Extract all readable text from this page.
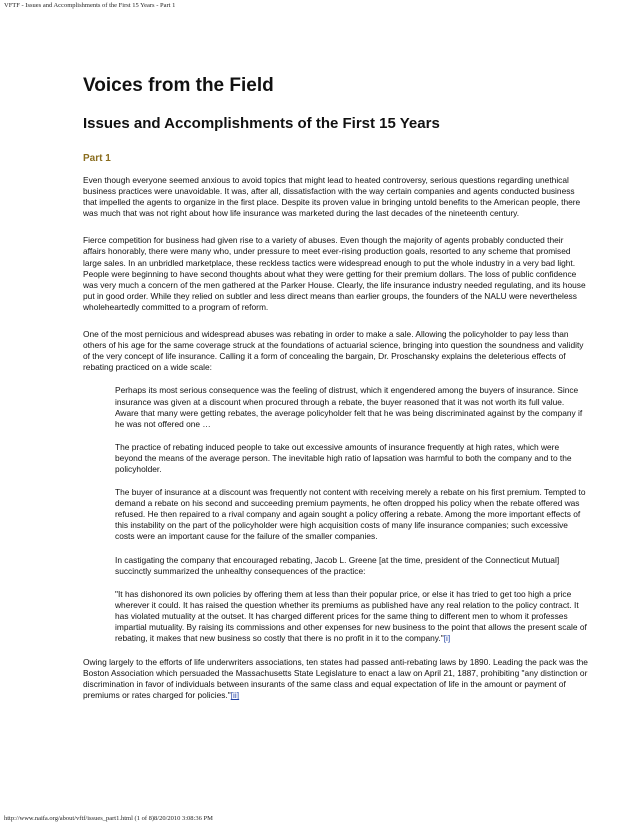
VFTF - Issues and Accomplishments of the First 15 Years - Part 1
Voices from the Field
Issues and Accomplishments of the First 15 Years
Part 1

Even though everyone seemed anxious to avoid topics that might lead to heated controversy, serious questions regarding unethical business practices were unavoidable. It was, after all, dissatisfaction with the way certain companies and agents conducted business that impelled the agents to organize in the first place. Despite its proven value in bringing untold benefits to the American people, there was much that was not right about how life insurance was marketed during the last decades of the nineteenth century.

Fierce competition for business had given rise to a variety of abuses. Even though the majority of agents probably conducted their affairs honorably, there were many who, under pressure to meet ever-rising production goals, resorted to any scheme that promised large sales. In an unbridled marketplace, these reckless tactics were widespread enough to put the whole industry in a very bad light. People were beginning to have second thoughts about what they were getting for their premium dollars. The loss of public confidence was very much a concern of the men gathered at the Parker House. Clearly, the life insurance industry needed regulating, and its house put in good order. While they relied on subtler and less direct means than earlier groups, the founders of the NALU were nevertheless wholeheartedly committed to a program of reform.

One of the most pernicious and widespread abuses was rebating in order to make a sale. Allowing the policyholder to pay less than others of his age for the same coverage struck at the foundations of actuarial science, bringing into question the soundness and validity of the very concept of life insurance. Calling it a form of concealing the bargain, Dr. Proschansky explains the deleterious effects of rebating practiced on a wide scale:

Perhaps its most serious consequence was the feeling of distrust, which it engendered among the buyers of insurance. Since insurance was given at a discount when procured through a rebate, the buyer reasoned that it was not worth its full value. Aware that many were getting rebates, the average policyholder felt that he was being discriminated against by the company if he was not offered one …

The practice of rebating induced people to take out excessive amounts of insurance frequently at high rates, which were beyond the means of the average person. The inevitable high ratio of lapsation was harmful to both the company and to the policyholder.

The buyer of insurance at a discount was frequently not content with receiving merely a rebate on his first premium. Tempted to demand a rebate on his second and succeeding premium payments, he often dropped his policy when the rebate offered was refused. He then repaired to a rival company and again sought a policy offering a rebate. Among the more important effects of this instability on the part of the policyholder were high acquisition costs of many life insurance companies; such excessive costs were an important cause for the failure of the smaller companies.

In castigating the company that encouraged rebating, Jacob L. Greene [at the time, president of the Connecticut Mutual] succinctly summarized the unhealthy consequences of the practice:

"It has dishonored its own policies by offering them at less than their popular price, or else it has tried to get too high a price wherever it could. It has raised the question whether its premiums as published have any real relation to the policy contract. It has violated mutuality at the outset. It has charged different prices for the same thing to different men to whom it professes impartial mutuality. By raising its commissions and other expenses for new business to the point that allows the present scale of rebating, it makes that new business so costly that there is no profit in it to the company."[i]

Owing largely to the efforts of life underwriters associations, ten states had passed anti-rebating laws by 1890. Leading the pack was the Boston Association which persuaded the Massachusetts State Legislature to enact a law on April 21, 1887, prohibiting "any distinction or discrimination in favor of individuals between insurants of the same class and equal expectation of life in the amount or payment of premiums or rates charged for policies."[ii]

http://www.naifa.org/about/vftf/issues_part1.html (1 of 8)8/20/2010 3:08:36 PM
